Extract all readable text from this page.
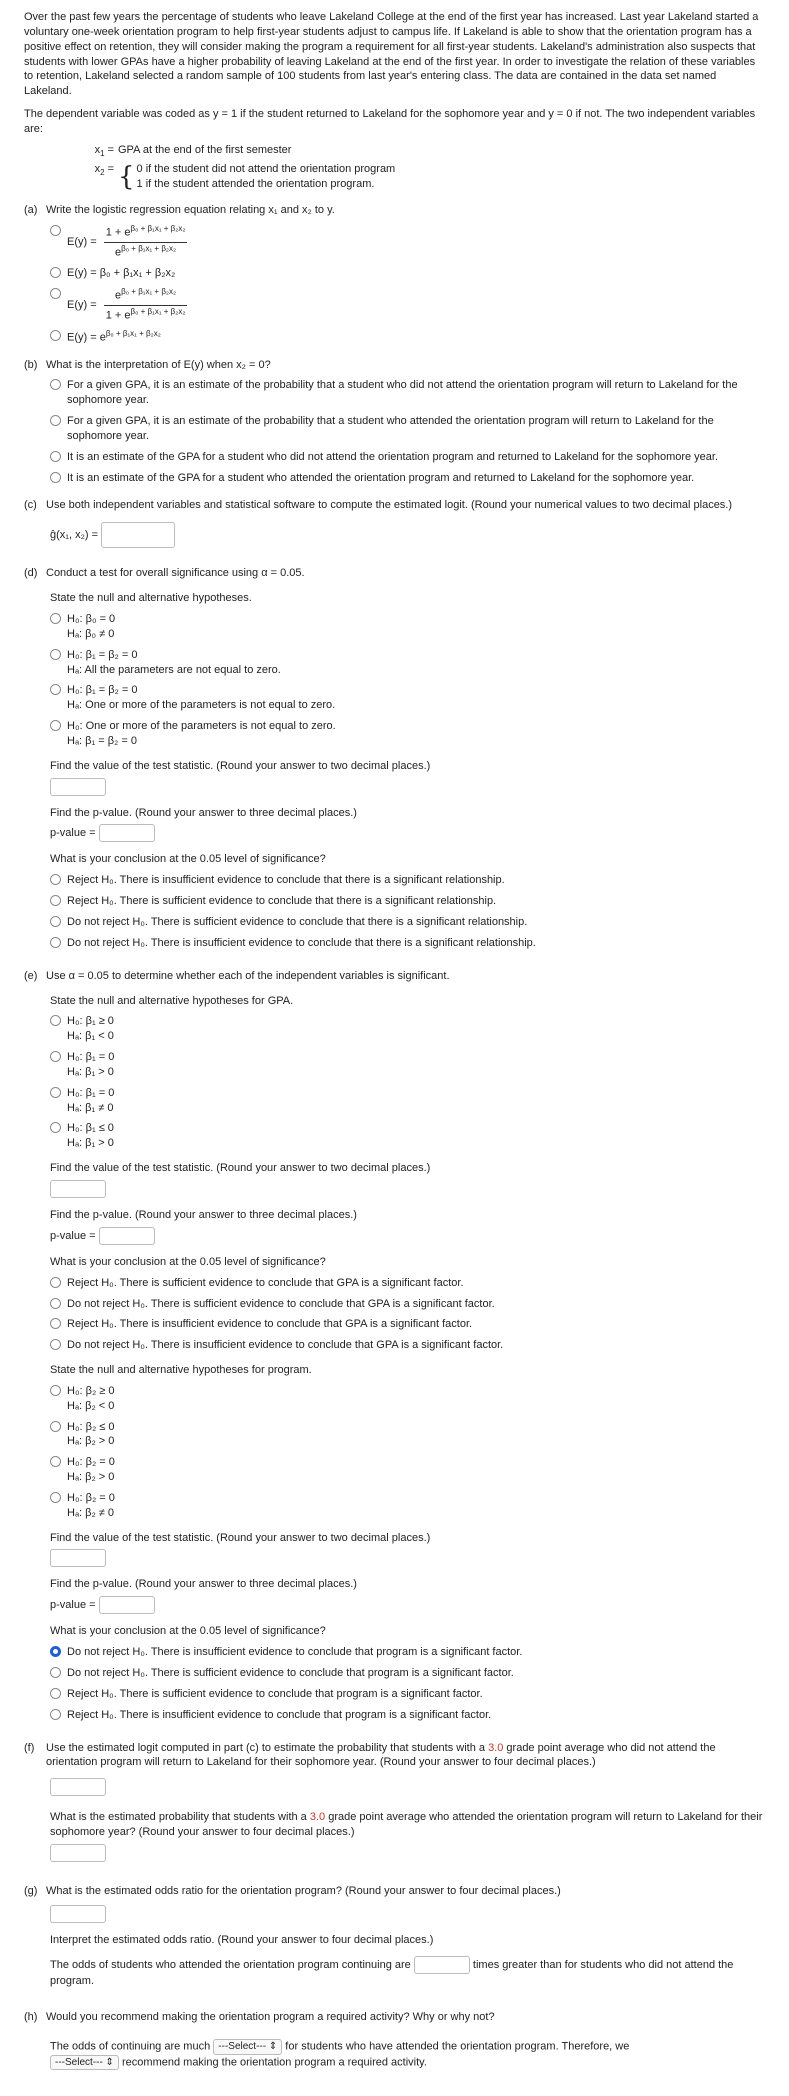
Over the past few years the percentage of students who leave Lakeland College at the end of the first year has increased. Last year Lakeland started a voluntary one-week orientation program to help first-year students adjust to campus life. If Lakeland is able to show that the orientation program has a positive effect on retention, they will consider making the program a requirement for all first-year students. Lakeland's administration also suspects that students with lower GPAs have a higher probability of leaving Lakeland at the end of the first year. In order to investigate the relation of these variables to retention, Lakeland selected a random sample of 100 students from last year's entering class. The data are contained in the data set named Lakeland.

The dependent variable was coded as y = 1 if the student returned to Lakeland for the sophomore year and y = 0 if not. The two independent variables are:

$x_1$ = GPA at the end of the first semester
$x_2$ = { 0 if the student did not attend the orientation program
1 if the student attended the orientation program.
(a) Write the logistic regression equation relating x₁ and x₂ to y.
$E(y) = \frac{1 + e^{\beta_0 + \beta_1x_1 + \beta_2x_2}}{e^{\beta_0 + \beta_1x_1 + \beta_2x_2}}$
E(y) = β₀ + β₁x₁ + β₂x₂
$E(y) = \frac{e^{\beta_0 + \beta_1x_1 + \beta_2x_2}}{1 + e^{\beta_0 + \beta_1x_1 + \beta_2x_2}}$
$E(y) = e^{\beta_0 + \beta_1x_1 + \beta_2x_2}$
(b) What is the interpretation of E(y) when x₂ = 0?
For a given GPA, it is an estimate of the probability that a student who did not attend the orientation program will return to Lakeland for the sophomore year.
For a given GPA, it is an estimate of the probability that a student who attended the orientation program will return to Lakeland for the sophomore year.
It is an estimate of the GPA for a student who did not attend the orientation program and returned to Lakeland for the sophomore year.
It is an estimate of the GPA for a student who attended the orientation program and returned to Lakeland for the sophomore year.
(c) Use both independent variables and statistical software to compute the estimated logit. (Round your numerical values to two decimal places.)
ĝ(x₁, x₂) =
(d) Conduct a test for overall significance using α = 0.05.

State the null and alternative hypotheses.

H₀: β₀ = 0
Hₐ: β₀ ≠ 0
H₀: β₁ = β₂ = 0
Hₐ: All the parameters are not equal to zero.
H₀: β₁ = β₂ = 0
Hₐ: One or more of the parameters is not equal to zero.
H₀: One or more of the parameters is not equal to zero.
Hₐ: β₁ = β₂ = 0

Find the value of the test statistic. (Round your answer to two decimal places.)

Find the p-value. (Round your answer to three decimal places.)

p-value =

What is your conclusion at the 0.05 level of significance?

Reject H₀. There is insufficient evidence to conclude that there is a significant relationship.
Reject H₀. There is sufficient evidence to conclude that there is a significant relationship.
Do not reject H₀. There is sufficient evidence to conclude that there is a significant relationship.
Do not reject H₀. There is insufficient evidence to conclude that there is a significant relationship.
(e) Use α = 0.05 to determine whether each of the independent variables is significant.

State the null and alternative hypotheses for GPA.

H₀: β₁ ≥ 0
Hₐ: β₁ < 0
H₀: β₁ = 0
Hₐ: β₁ > 0
H₀: β₁ = 0
Hₐ: β₁ ≠ 0
H₀: β₁ ≤ 0
Hₐ: β₁ > 0

Find the value of the test statistic. (Round your answer to two decimal places.)

Find the p-value. (Round your answer to three decimal places.)

p-value =

What is your conclusion at the 0.05 level of significance?

Reject H₀. There is sufficient evidence to conclude that GPA is a significant factor.
Do not reject H₀. There is sufficient evidence to conclude that GPA is a significant factor.
Reject H₀. There is insufficient evidence to conclude that GPA is a significant factor.
Do not reject H₀. There is insufficient evidence to conclude that GPA is a significant factor.

State the null and alternative hypotheses for program.

H₀: β₂ ≥ 0
Hₐ: β₂ < 0
H₀: β₂ ≤ 0
Hₐ: β₂ > 0
H₀: β₂ = 0
Hₐ: β₂ > 0
H₀: β₂ = 0
Hₐ: β₂ ≠ 0

Find the value of the test statistic. (Round your answer to two decimal places.)

Find the p-value. (Round your answer to three decimal places.)

p-value =

What is your conclusion at the 0.05 level of significance?

Do not reject H₀. There is insufficient evidence to conclude that program is a significant factor.
Do not reject H₀. There is sufficient evidence to conclude that program is a significant factor.
Reject H₀. There is sufficient evidence to conclude that program is a significant factor.
Reject H₀. There is insufficient evidence to conclude that program is a significant factor.
(f)	Use the estimated logit computed in part (c) to estimate the probability that students with a 3.0 grade point average who did not attend the orientation program will return to Lakeland for their sophomore year. (Round your answer to four decimal places.)

What is the estimated probability that students with a 3.0 grade point average who attended the orientation program will return to Lakeland for their sophomore year? (Round your answer to four decimal places.)

(g) What is the estimated odds ratio for the orientation program? (Round your answer to four decimal places.)

Interpret the estimated odds ratio. (Round your answer to four decimal places.)

The odds of students who attended the orientation program continuing are	times greater than for students who did not attend the program.

(h) Would you recommend making the orientation program a required activity? Why or why not?

The odds of continuing are much ---Select--- ⇕ for students who have attended the orientation program. Therefore, we
---Select--- ⇕ recommend making the orientation program a required activity.
